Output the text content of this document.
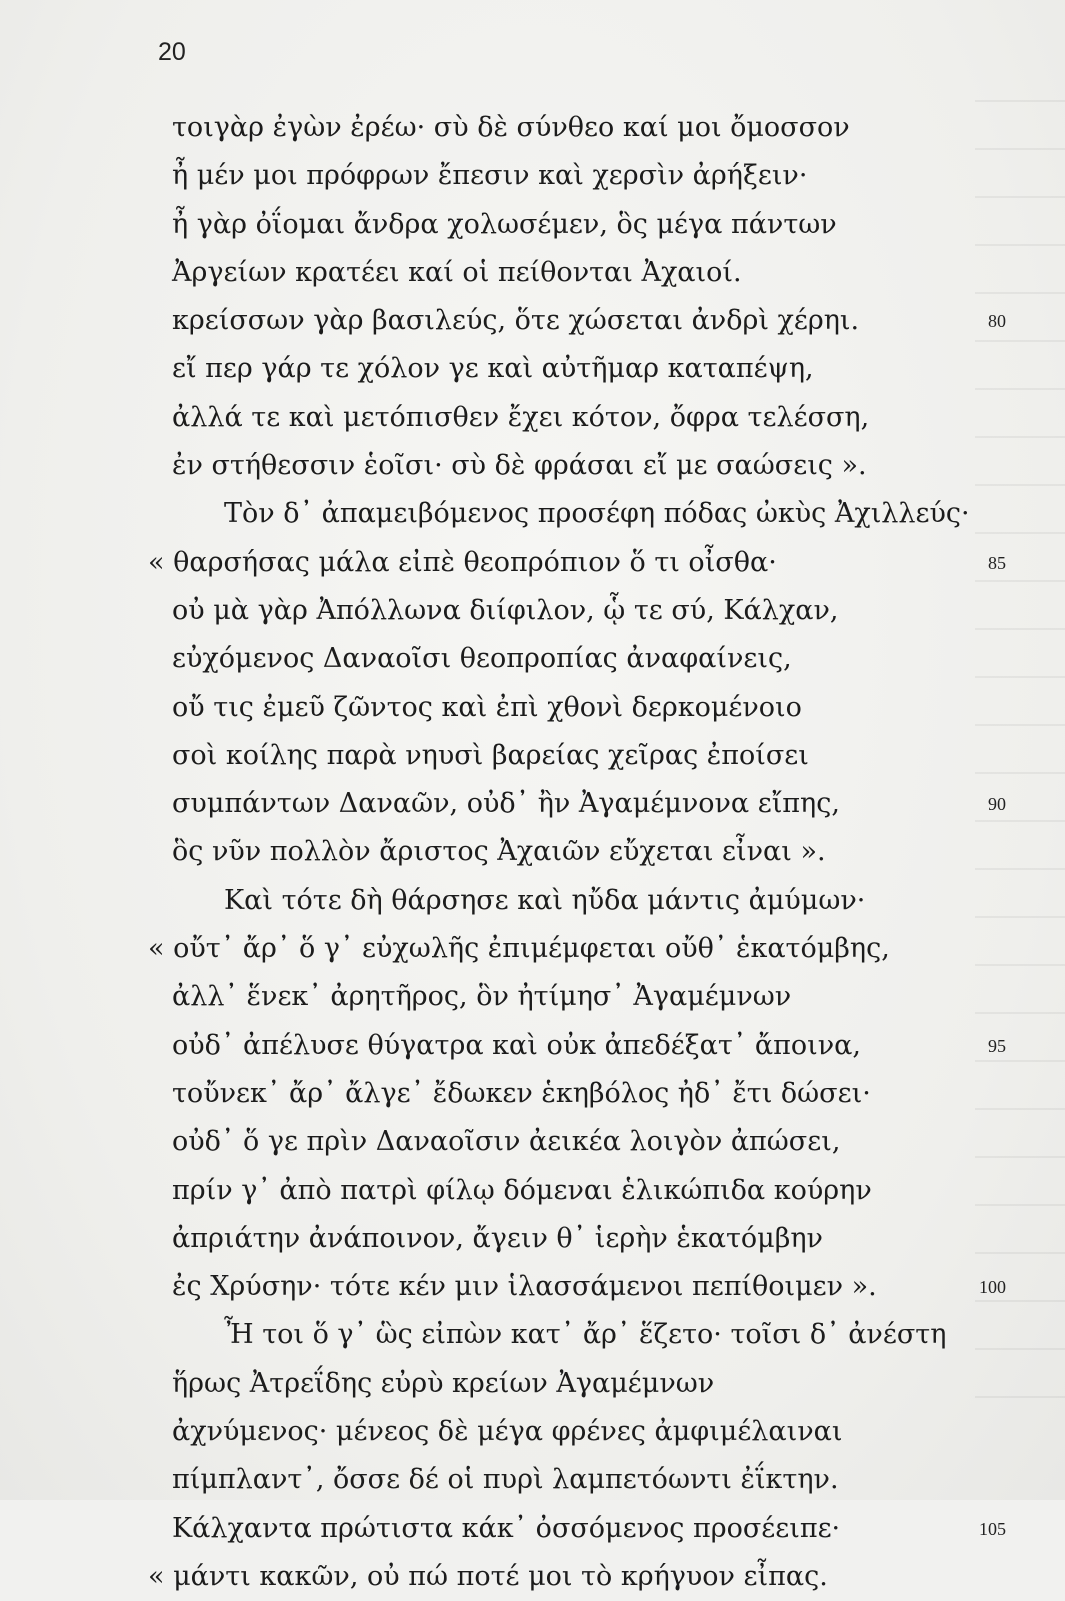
20
τοιγὰρ ἐγὼν ἐρέω· σὺ δὲ σύνθεο καί μοι ὄμοσσον
ἦ μέν μοι πρόφρων ἔπεσιν καὶ χερσὶν ἀρήξειν·
ἦ γὰρ ὀΐομαι ἄνδρα χολωσέμεν, ὃς μέγα πάντων
Ἀργείων κρατέει καί οἱ πείθονται Ἀχαιοί.
κρείσσων γὰρ βασιλεύς, ὅτε χώσεται ἀνδρὶ χέρηι.	80
εἴ περ γάρ τε χόλον γε καὶ αὐτῆμαρ καταπέψη,
ἀλλά τε καὶ μετόπισθεν ἔχει κότον, ὄφρα τελέσση,
ἐν στήθεσσιν ἑοῖσι· σὺ δὲ φράσαι εἴ με σαώσεις ».
Τὸν δ᾽ ἀπαμειβόμενος προσέφη πόδας ὠκὺς Ἀχιλλεύς·
« θαρσήσας μάλα εἰπὲ θεοπρόπιον ὅ τι οἶσθα·	85
οὐ μὰ γὰρ Ἀπόλλωνα διίφιλον, ᾧ τε σύ, Κάλχαν,
εὐχόμενος Δαναοῖσι θεοπροπίας ἀναφαίνεις,
οὔ τις ἐμεῦ ζῶντος καὶ ἐπὶ χθονὶ δερκομένοιο
σοὶ κοίλης παρὰ νηυσὶ βαρείας χεῖρας ἐποίσει
συμπάντων Δαναῶν, οὐδ᾽ ἢν Ἀγαμέμνονα εἴπης,	90
ὃς νῦν πολλὸν ἄριστος Ἀχαιῶν εὔχεται εἶναι ».
Καὶ τότε δὴ θάρσησε καὶ ηὔδα μάντις ἀμύμων·
« οὔτ᾽ ἄρ᾽ ὅ γ᾽ εὐχωλῆς ἐπιμέμφεται οὔθ᾽ ἑκατόμβης,
ἀλλ᾽ ἕνεκ᾽ ἀρητῆρος, ὃν ἠτίμησ᾽ Ἀγαμέμνων
οὐδ᾽ ἀπέλυσε θύγατρα καὶ οὐκ ἀπεδέξατ᾽ ἄποινα,	95
τοὔνεκ᾽ ἄρ᾽ ἄλγε᾽ ἔδωκεν ἑκηβόλος ἠδ᾽ ἔτι δώσει·
οὐδ᾽ ὅ γε πρὶν Δαναοῖσιν ἀεικέα λοιγὸν ἀπώσει,
πρίν γ᾽ ἀπὸ πατρὶ φίλῳ δόμεναι ἑλικώπιδα κούρην
ἀπριάτην ἀνάποινον, ἄγειν θ᾽ ἱερὴν ἑκατόμβην
ἐς Χρύσην· τότε κέν μιν ἱλασσάμενοι πεπίθοιμεν ».	100
Ἦ τοι ὅ γ᾽ ὣς εἰπὼν κατ᾽ ἄρ᾽ ἕζετο· τοῖσι δ᾽ ἀνέστη
ἥρως Ἀτρεΐδης εὐρὺ κρείων Ἀγαμέμνων
ἀχνύμενος· μένεος δὲ μέγα φρένες ἀμφιμέλαιναι
πίμπλαντ᾽, ὄσσε δέ οἱ πυρὶ λαμπετόωντι ἐΐκτην.
Κάλχαντα πρώτιστα κάκ᾽ ὀσσόμενος προσέειπε·	105
« μάντι κακῶν, οὐ πώ ποτέ μοι τὸ κρήγυον εἶπας.
